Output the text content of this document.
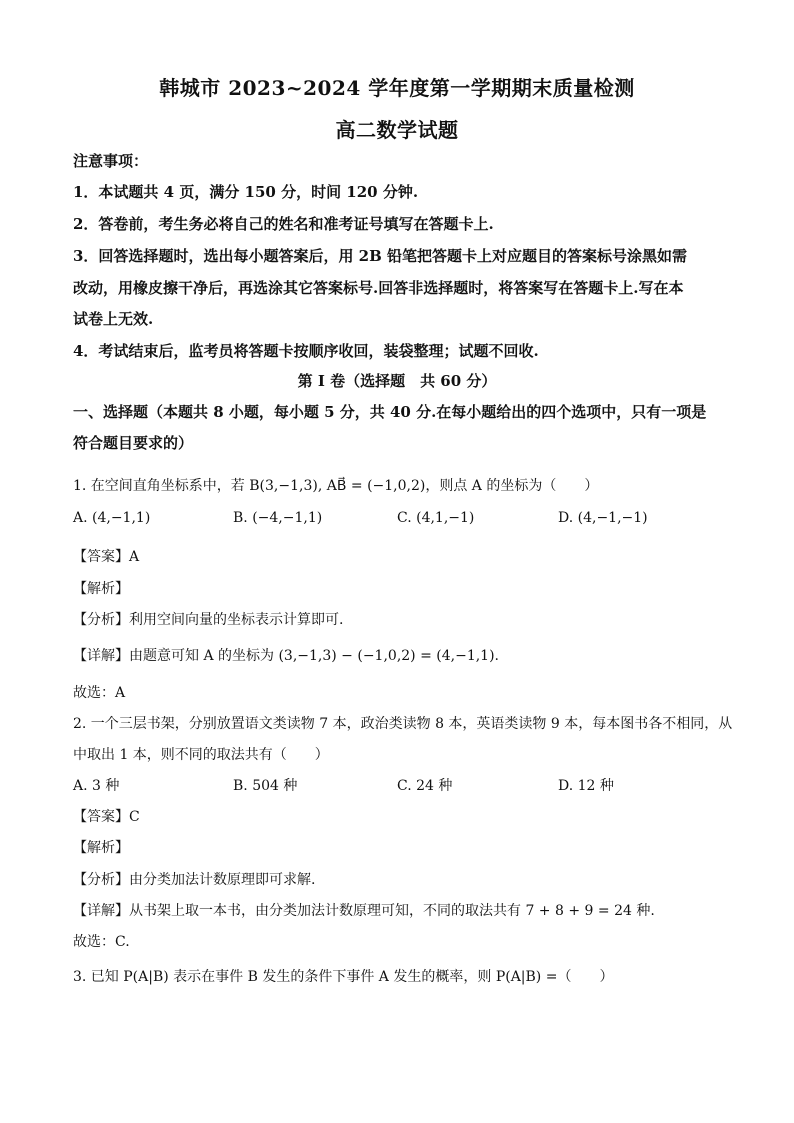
韩城市 2023~2024 学年度第一学期期末质量检测
高二数学试题
注意事项：
1．本试题共 4 页，满分 150 分，时间 120 分钟.
2．答卷前，考生务必将自己的姓名和准考证号填写在答题卡上.
3．回答选择题时，选出每小题答案后，用 2B 铅笔把答题卡上对应题目的答案标号涂黑如需
改动，用橡皮擦干净后，再选涂其它答案标号.回答非选择题时，将答案写在答题卡上.写在本
试卷上无效.
4．考试结束后，监考员将答题卡按顺序收回，装袋整理；试题不回收.
第 I 卷（选择题　共 60 分）
一、选择题（本题共 8 小题，每小题 5 分，共 40 分.在每小题给出的四个选项中，只有一项是
符合题目要求的）
1. 在空间直角坐标系中，若 B(3,−1,3), AB⃗ = (−1,0,2)，则点 A 的坐标为（　　）
A. (4,−1,1)	B. (−4,−1,1)	C. (4,1,−1)	D. (4,−1,−1)
【答案】A
【解析】
【分析】利用空间向量的坐标表示计算即可.
【详解】由题意可知 A 的坐标为 (3,−1,3) − (−1,0,2) = (4,−1,1).
故选：A
2. 一个三层书架，分别放置语文类读物 7 本，政治类读物 8 本，英语类读物 9 本，每本图书各不相同，从
中取出 1 本，则不同的取法共有（　　）
A. 3 种	B. 504 种	C. 24 种	D. 12 种
【答案】C
【解析】
【分析】由分类加法计数原理即可求解.
【详解】从书架上取一本书，由分类加法计数原理可知，不同的取法共有 7 + 8 + 9 = 24 种.
故选：C.
3. 已知 P(A|B) 表示在事件 B 发生的条件下事件 A 发生的概率，则 P(A|B) =（　　）
